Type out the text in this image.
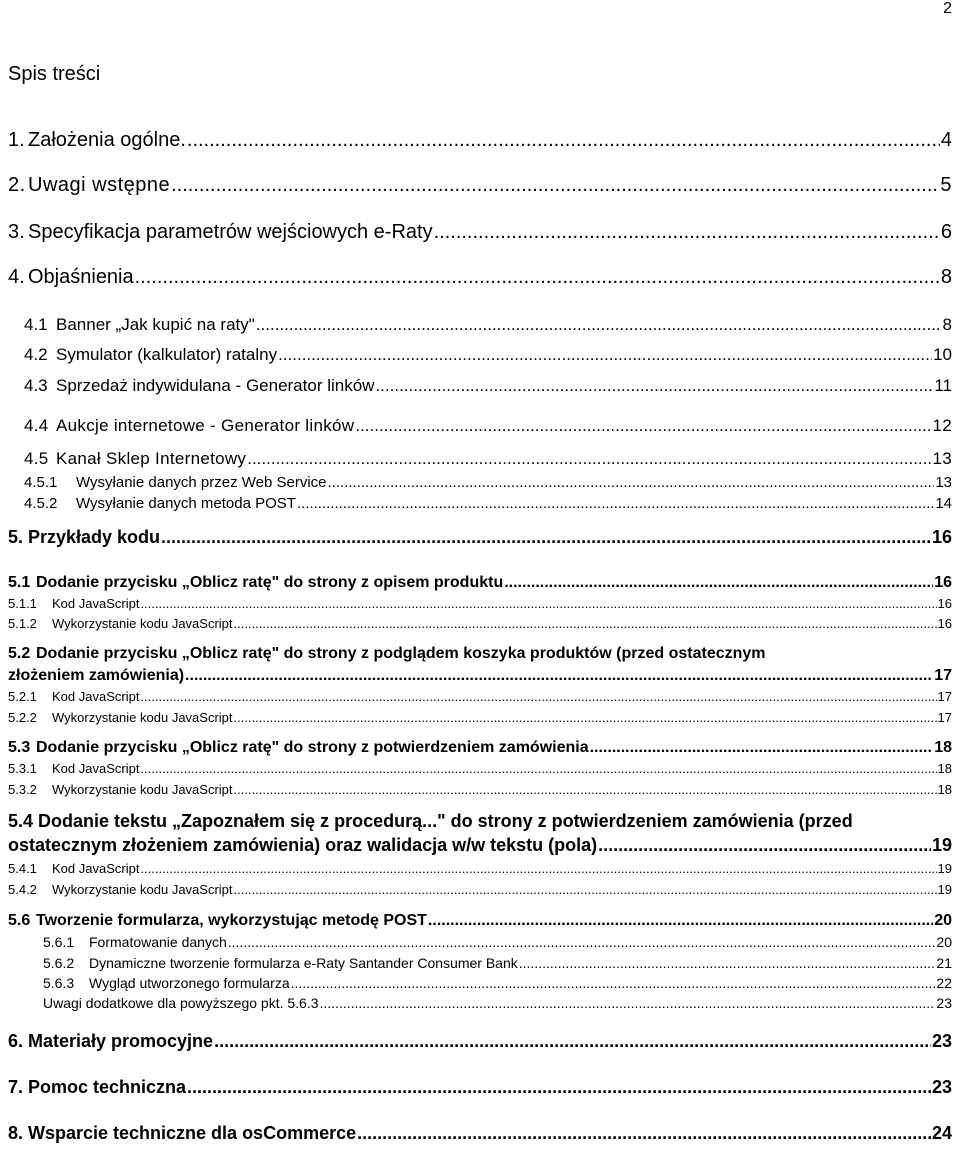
2
Spis treści
1. Założenia ogólne. .....	4
2. Uwagi wstępne .....	5
3. Specyfikacja parametrów wejściowych e-Raty .....	6
4. Objaśnienia .....	8
4.1 Banner „Jak kupić na raty" .....	8
4.2 Symulator (kalkulator) ratalny .....	10
4.3 Sprzedaż indywidulana - Generator linków .....	11
4.4 Aukcje internetowe - Generator linków .....	12
4.5 Kanał Sklep Internetowy .....	13
4.5.1	Wysyłanie danych przez Web Service .....	13
4.5.2	Wysyłanie danych metoda POST .....	14
5. Przykłady kodu .....	16
5.1 Dodanie przycisku „Oblicz ratę" do strony z opisem produktu .....	16
5.1.1	Kod JavaScript .....	16
5.1.2	Wykorzystanie kodu JavaScript .....	16
5.2 Dodanie przycisku „Oblicz ratę" do strony z podglądem koszyka produktów (przed ostatecznym
złożeniem zamówienia) .....	17
5.2.1	Kod JavaScript .....	17
5.2.2	Wykorzystanie kodu JavaScript .....	17
5.3 Dodanie przycisku „Oblicz ratę" do strony z potwierdzeniem zamówienia .....	18
5.3.1	Kod JavaScript .....	18
5.3.2	Wykorzystanie kodu JavaScript .....	18
5.4 Dodanie tekstu „Zapoznałem się z procedurą..." do strony z potwierdzeniem zamówienia (przed
ostatecznym złożeniem zamówienia) oraz walidacja w/w tekstu (pola) .....	19
5.4.1	Kod JavaScript .....	19
5.4.2	Wykorzystanie kodu JavaScript .....	19
5.6 Tworzenie formularza, wykorzystując metodę POST .....	20
5.6.1	Formatowanie danych .....	20
5.6.2	Dynamiczne tworzenie formularza e-Raty Santander Consumer Bank .....	21
5.6.3	Wygląd utworzonego formularza .....	22
Uwagi dodatkowe dla powyższego pkt. 5.6.3 .....	23
6. Materiały promocyjne .....	23
7. Pomoc techniczna .....	23
8. Wsparcie techniczne dla osCommerce .....	24
